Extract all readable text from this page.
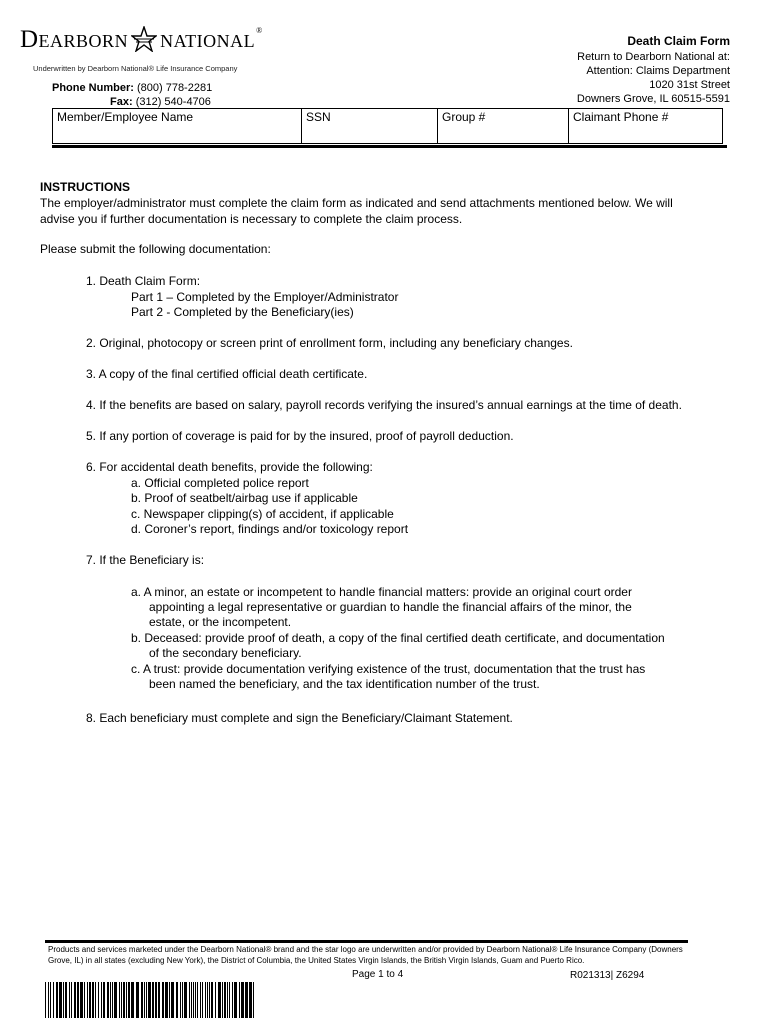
Dearborn national®
Underwritten by Dearborn National® Life Insurance Company
Phone Number: (800) 778-2281
Fax: (312) 540-4706
Death Claim Form
Return to Dearborn National at:
Attention: Claims Department
1020 31st Street
Downers Grove, IL 60515-5591
Member/Employee Name	SSN	Group #	Claimant Phone #
INSTRUCTIONS
The employer/administrator must complete the claim form as indicated and send attachments mentioned below. We will
advise you if further documentation is necessary to complete the claim process.
Please submit the following documentation:
1. Death Claim Form:
Part 1 – Completed by the Employer/Administrator
Part 2 - Completed by the Beneficiary(ies)
2. Original, photocopy or screen print of enrollment form, including any beneficiary changes.
3. A copy of the final certified official death certificate.
4. If the benefits are based on salary, payroll records verifying the insured’s annual earnings at the time of death.
5. If any portion of coverage is paid for by the insured, proof of payroll deduction.
6. For accidental death benefits, provide the following:
a. Official completed police report
b. Proof of seatbelt/airbag use if applicable
c. Newspaper clipping(s) of accident, if applicable
d. Coroner’s report, findings and/or toxicology report
7. If the Beneficiary is:
a. A minor, an estate or incompetent to handle financial matters: provide an original court order
appointing a legal representative or guardian to handle the financial affairs of the minor, the
estate, or the incompetent.
b. Deceased: provide proof of death, a copy of the final certified death certificate, and documentation
of the secondary beneficiary.
c. A trust: provide documentation verifying existence of the trust, documentation that the trust has
been named the beneficiary, and the tax identification number of the trust.
8. Each beneficiary must complete and sign the Beneficiary/Claimant Statement.
Products and services marketed under the Dearborn National® brand and the star logo are underwritten and/or provided by Dearborn National® Life Insurance Company (Downers Grove, IL) in all states (excluding New York), the District of Columbia, the United States Virgin Islands, the British Virgin Islands, Guam and Puerto Rico.
Page 1 to 4	R021313| Z6294
